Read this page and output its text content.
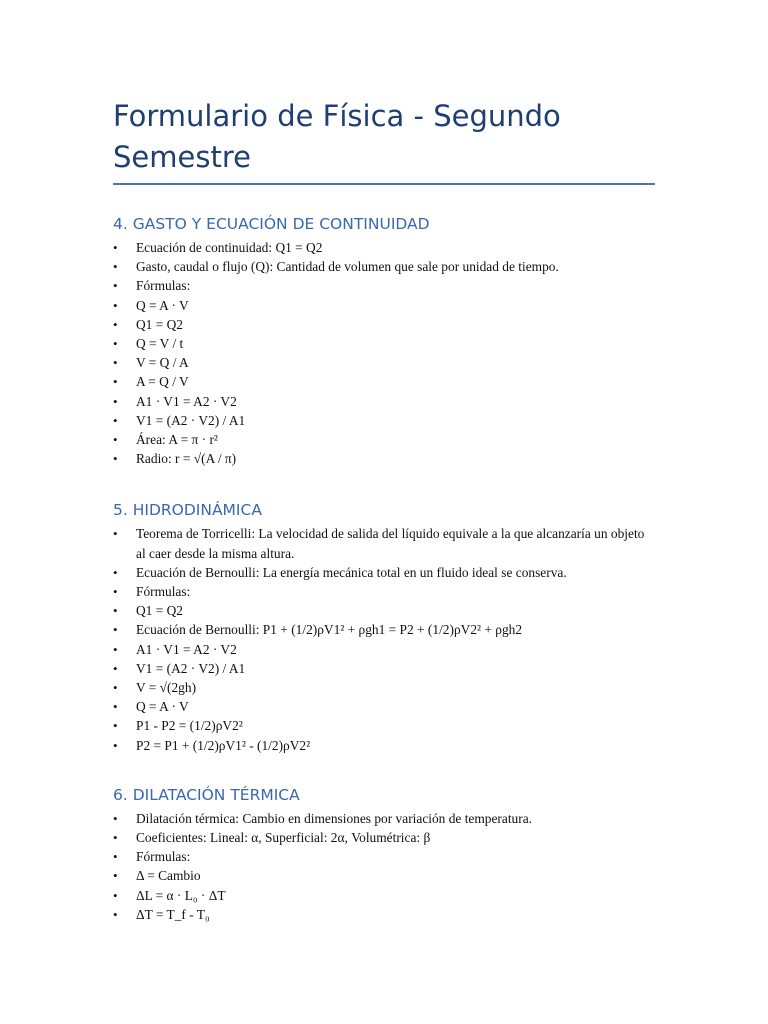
Formulario de Física - Segundo Semestre
4. GASTO Y ECUACIÓN DE CONTINUIDAD
• Ecuación de continuidad: Q1 = Q2
• Gasto, caudal o flujo (Q): Cantidad de volumen que sale por unidad de tiempo.
• Fórmulas:
• Q = A · V
• Q1 = Q2
• Q = V / t
• V = Q / A
• A = Q / V
• A1 · V1 = A2 · V2
• V1 = (A2 · V2) / A1
• Área: A = π · r²
• Radio: r = √(A / π)
5. HIDRODINÁMICA
• Teorema de Torricelli: La velocidad de salida del líquido equivale a la que alcanzaría un objeto al caer desde la misma altura.
• Ecuación de Bernoulli: La energía mecánica total en un fluido ideal se conserva.
• Fórmulas:
• Q1 = Q2
• Ecuación de Bernoulli: P1 + (1/2)ρV1² + ρgh1 = P2 + (1/2)ρV2² + ρgh2
• A1 · V1 = A2 · V2
• V1 = (A2 · V2) / A1
• V = √(2gh)
• Q = A · V
• P1 - P2 = (1/2)ρV2²
• P2 = P1 + (1/2)ρV1² - (1/2)ρV2²
6. DILATACIÓN TÉRMICA
• Dilatación térmica: Cambio en dimensiones por variación de temperatura.
• Coeficientes: Lineal: α, Superficial: 2α, Volumétrica: β
• Fórmulas:
• Δ = Cambio
• ΔL = α · L₀ · ΔT
• ΔT = T_f - T₀
